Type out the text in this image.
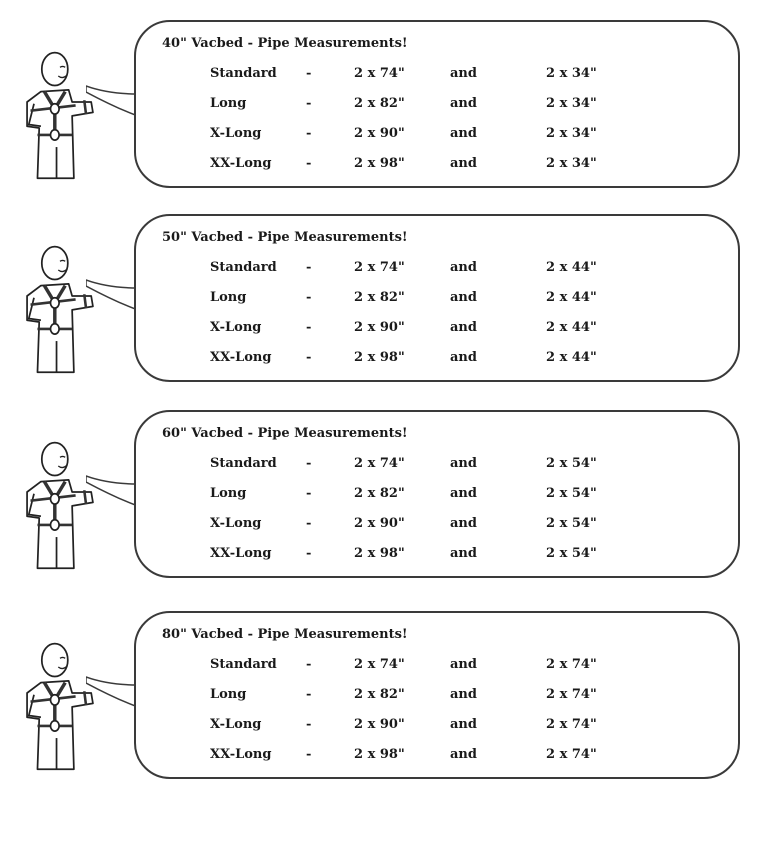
40" Vacbed - Pipe Measurements!
Standard -	2 x 74"	and	2 x 34"
Long	-	2 x 82"	and	2 x 34"
X-Long	-	2 x 90"	and	2 x 34"
XX-Long	-	2 x 98"	and	2 x 34"
50" Vacbed - Pipe Measurements!
Standard -	2 x 74"	and	2 x 44"
Long	-	2 x 82"	and	2 x 44"
X-Long	-	2 x 90"	and	2 x 44"
XX-Long	-	2 x 98"	and	2 x 44"
60" Vacbed - Pipe Measurements!
Standard -	2 x 74"	and	2 x 54"
Long	-	2 x 82"	and	2 x 54"
X-Long	-	2 x 90"	and	2 x 54"
XX-Long	-	2 x 98"	and	2 x 54"
80" Vacbed - Pipe Measurements!
Standard -	2 x 74"	and	2 x 74"
Long	-	2 x 82"	and	2 x 74"
X-Long	-	2 x 90"	and	2 x 74"
XX-Long	-	2 x 98"	and	2 x 74"
